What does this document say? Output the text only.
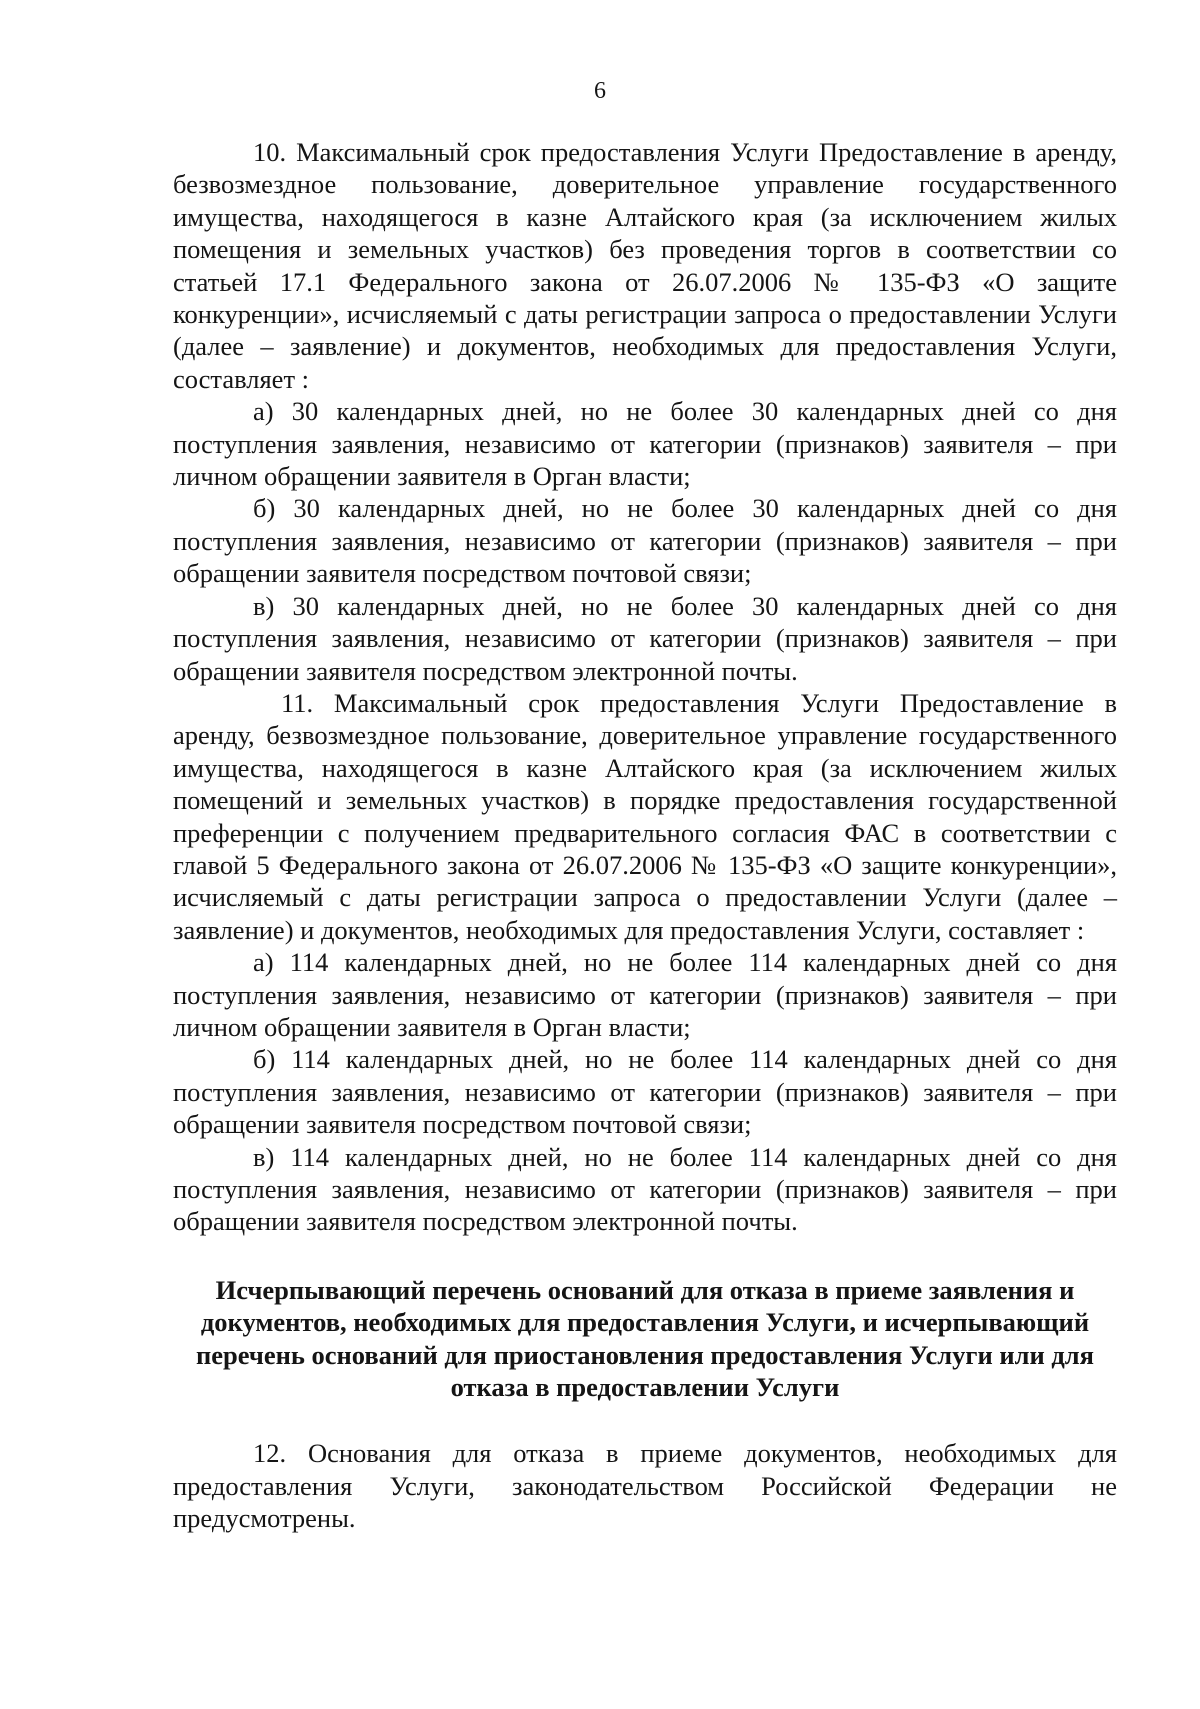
6

10. Максимальный срок предоставления Услуги Предоставление в аренду, безвозмездное пользование, доверительное управление государственного имущества, находящегося в казне Алтайского края (за исключением жилых помещения и земельных участков) без проведения торгов в соответствии со статьей 17.1 Федерального закона от 26.07.2006 № 135-ФЗ «О защите конкуренции», исчисляемый с даты регистрации запроса о предоставлении Услуги (далее – заявление) и документов, необходимых для предоставления Услуги, составляет :

а) 30 календарных дней, но не более 30 календарных дней со дня поступления заявления, независимо от категории (признаков) заявителя – при личном обращении заявителя в Орган власти;

б) 30 календарных дней, но не более 30 календарных дней со дня поступления заявления, независимо от категории (признаков) заявителя – при обращении заявителя посредством почтовой связи;

в) 30 календарных дней, но не более 30 календарных дней со дня поступления заявления, независимо от категории (признаков) заявителя – при обращении заявителя посредством электронной почты.

11. Максимальный срок предоставления Услуги Предоставление в аренду, безвозмездное пользование, доверительное управление государственного имущества, находящегося в казне Алтайского края (за исключением жилых помещений и земельных участков) в порядке предоставления государственной преференции с получением предварительного согласия ФАС в соответствии с главой 5 Федерального закона от 26.07.2006 № 135-ФЗ «О защите конкуренции», исчисляемый с даты регистрации запроса о предоставлении Услуги (далее – заявление) и документов, необходимых для предоставления Услуги, составляет :

а) 114 календарных дней, но не более 114 календарных дней со дня поступления заявления, независимо от категории (признаков) заявителя – при личном обращении заявителя в Орган власти;

б) 114 календарных дней, но не более 114 календарных дней со дня поступления заявления, независимо от категории (признаков) заявителя – при обращении заявителя посредством почтовой связи;

в) 114 календарных дней, но не более 114 календарных дней со дня поступления заявления, независимо от категории (признаков) заявителя – при обращении заявителя посредством электронной почты.

Исчерпывающий перечень оснований для отказа в приеме заявления и документов, необходимых для предоставления Услуги, и исчерпывающий перечень оснований для приостановления предоставления Услуги или для отказа в предоставлении Услуги

12. Основания для отказа в приеме документов, необходимых для предоставления Услуги, законодательством Российской Федерации не предусмотрены.
